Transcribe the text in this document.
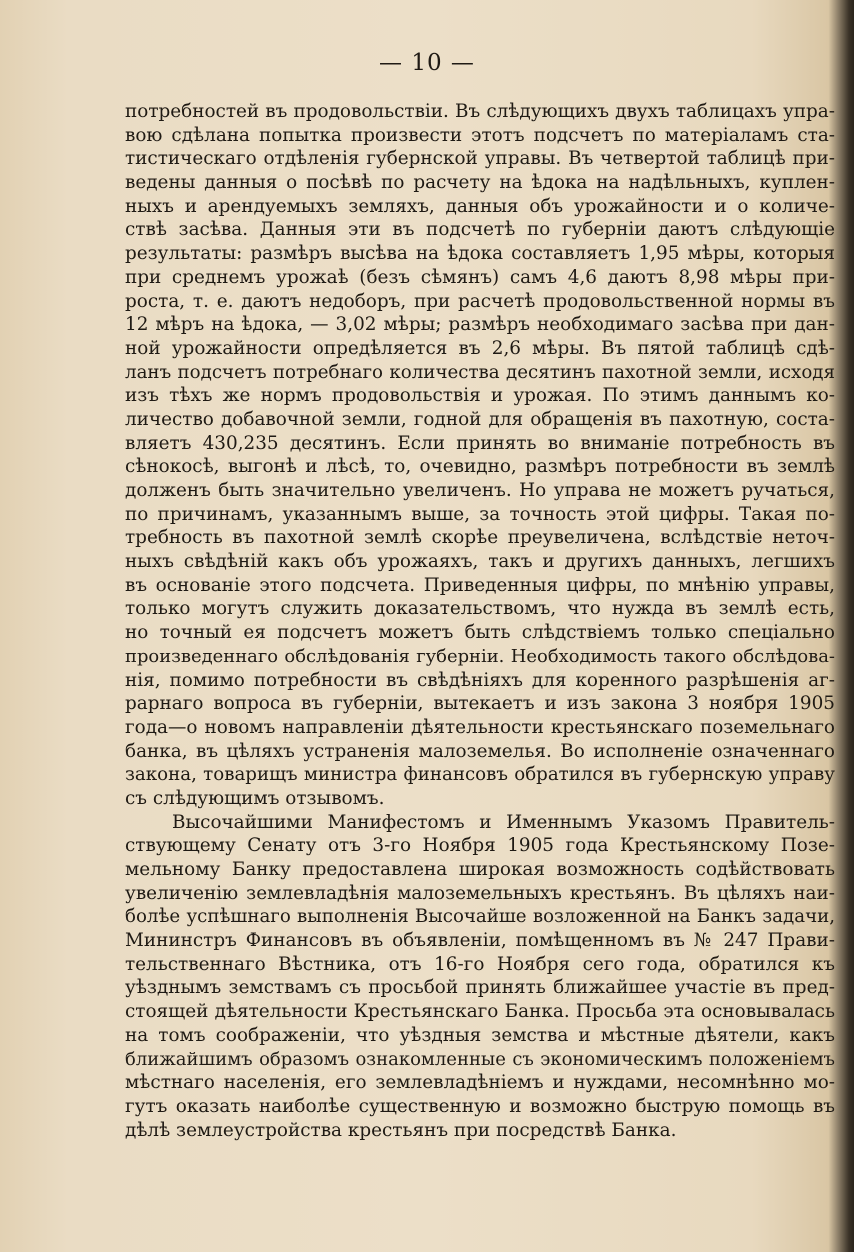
— 10 —
потребностей въ продовольствіи. Въ слѣдующихъ двухъ таблицахъ упра-
вою сдѣлана попытка произвести этотъ подсчетъ по матеріаламъ ста-
тистическаго отдѣленія губернской управы. Въ четвертой таблицѣ при-
ведены данныя о посѣвѣ по расчету на ѣдока на надѣльныхъ, куплен-
ныхъ и арендуемыхъ земляхъ, данныя объ урожайности и о количе-
ствѣ засѣва. Данныя эти въ подсчетѣ по губерніи даютъ слѣдующіе
результаты: размѣръ высѣва на ѣдока составляетъ 1,95 мѣры, которыя
при среднемъ урожаѣ (безъ сѣмянъ) самъ 4,6 даютъ 8,98 мѣры при-
роста, т. е. даютъ недоборъ, при расчетѣ продовольственной нормы въ
12 мѣръ на ѣдока, — 3,02 мѣры; размѣръ необходимаго засѣва при дан-
ной урожайности опредѣляется въ 2,6 мѣры. Въ пятой таблицѣ сдѣ-
ланъ подсчетъ потребнаго количества десятинъ пахотной земли, исходя
изъ тѣхъ же нормъ продовольствія и урожая. По этимъ даннымъ ко-
личество добавочной земли, годной для обращенія въ пахотную, соста-
вляетъ 430,235 десятинъ. Если принять во вниманіе потребность въ
сѣнокосѣ, выгонѣ и лѣсѣ, то, очевидно, размѣръ потребности въ землѣ
долженъ быть значительно увеличенъ. Но управа не можетъ ручаться,
по причинамъ, указаннымъ выше, за точность этой цифры. Такая по-
требность въ пахотной землѣ скорѣе преувеличена, вслѣдствіе неточ-
ныхъ свѣдѣній какъ объ урожаяхъ, такъ и другихъ данныхъ, легшихъ
въ основаніе этого подсчета. Приведенныя цифры, по мнѣнію управы,
только могутъ служить доказательствомъ, что нужда въ землѣ есть,
но точный ея подсчетъ можетъ быть слѣдствіемъ только спеціально
произведеннаго обслѣдованія губерніи. Необходимость такого обслѣдова-
нія, помимо потребности въ свѣдѣніяхъ для коренного разрѣшенія аг-
рарнаго вопроса въ губерніи, вытекаетъ и изъ закона 3 ноября 1905
года—о новомъ направленіи дѣятельности крестьянскаго поземельнаго
банка, въ цѣляхъ устраненія малоземелья. Во исполненіе означеннаго
закона, товарищъ министра финансовъ обратился въ губернскую управу
съ слѣдующимъ отзывомъ.
Высочайшими Манифестомъ и Именнымъ Указомъ Правитель-
ствующему Сенату отъ 3-го Ноября 1905 года Крестьянскому Позе-
мельному Банку предоставлена широкая возможность содѣйствовать
увеличенію землевладѣнія малоземельныхъ крестьянъ. Въ цѣляхъ наи-
болѣе успѣшнаго выполненія Высочайше возложенной на Банкъ задачи,
Мининстръ Финансовъ въ объявленіи, помѣщенномъ въ № 247 Прави-
тельственнаго Вѣстника, отъ 16-го Ноября сего года, обратился къ
уѣзднымъ земствамъ съ просьбой принять ближайшее участіе въ пред-
стоящей дѣятельности Крестьянскаго Банка. Просьба эта основывалась
на томъ соображеніи, что уѣздныя земства и мѣстные дѣятели, какъ
ближайшимъ образомъ ознакомленные съ экономическимъ положеніемъ
мѣстнаго населенія, его землевладѣніемъ и нуждами, несомнѣнно мо-
гутъ оказать наиболѣе существенную и возможно быструю помощь въ
дѣлѣ землеустройства крестьянъ при посредствѣ Банка.
